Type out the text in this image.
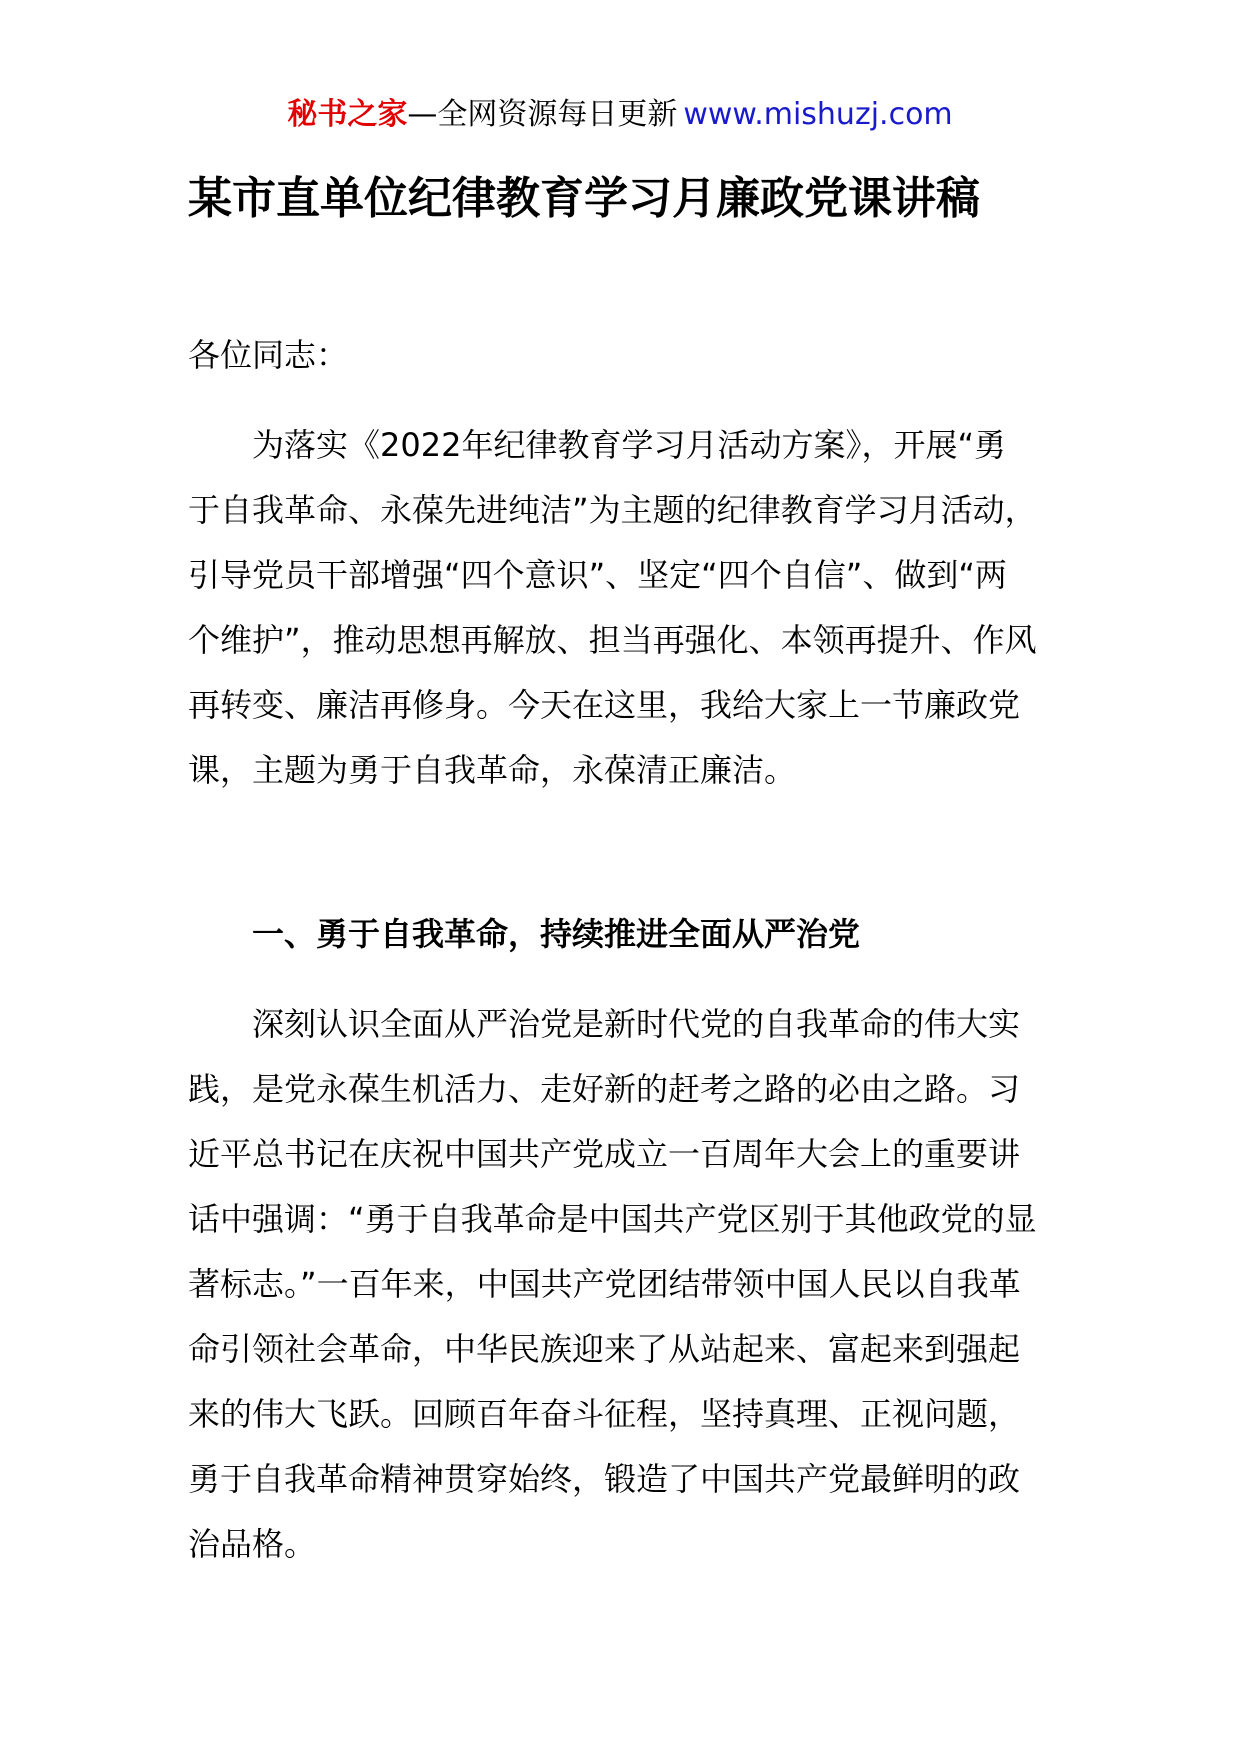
秘书之家—全网资源每日更新 www.mishuzj.com
某市直单位纪律教育学习月廉政党课讲稿

各位同志：

为落实《2022年纪律教育学习月活动方案》，开展“勇于自我革命、永葆先进纯洁”为主题的纪律教育学习月活动，引导党员干部增强“四个意识”、坚定“四个自信”、做到“两个维护”，推动思想再解放、担当再强化、本领再提升、作风再转变、廉洁再修身。今天在这里，我给大家上一节廉政党课，主题为勇于自我革命，永葆清正廉洁。

一、勇于自我革命，持续推进全面从严治党

深刻认识全面从严治党是新时代党的自我革命的伟大实践，是党永葆生机活力、走好新的赶考之路的必由之路。习近平总书记在庆祝中国共产党成立一百周年大会上的重要讲话中强调：“勇于自我革命是中国共产党区别于其他政党的显著标志。”一百年来，中国共产党团结带领中国人民以自我革命引领社会革命，中华民族迎来了从站起来、富起来到强起来的伟大飞跃。回顾百年奋斗征程，坚持真理、正视问题，勇于自我革命精神贯穿始终，锻造了中国共产党最鲜明的政治品格。
